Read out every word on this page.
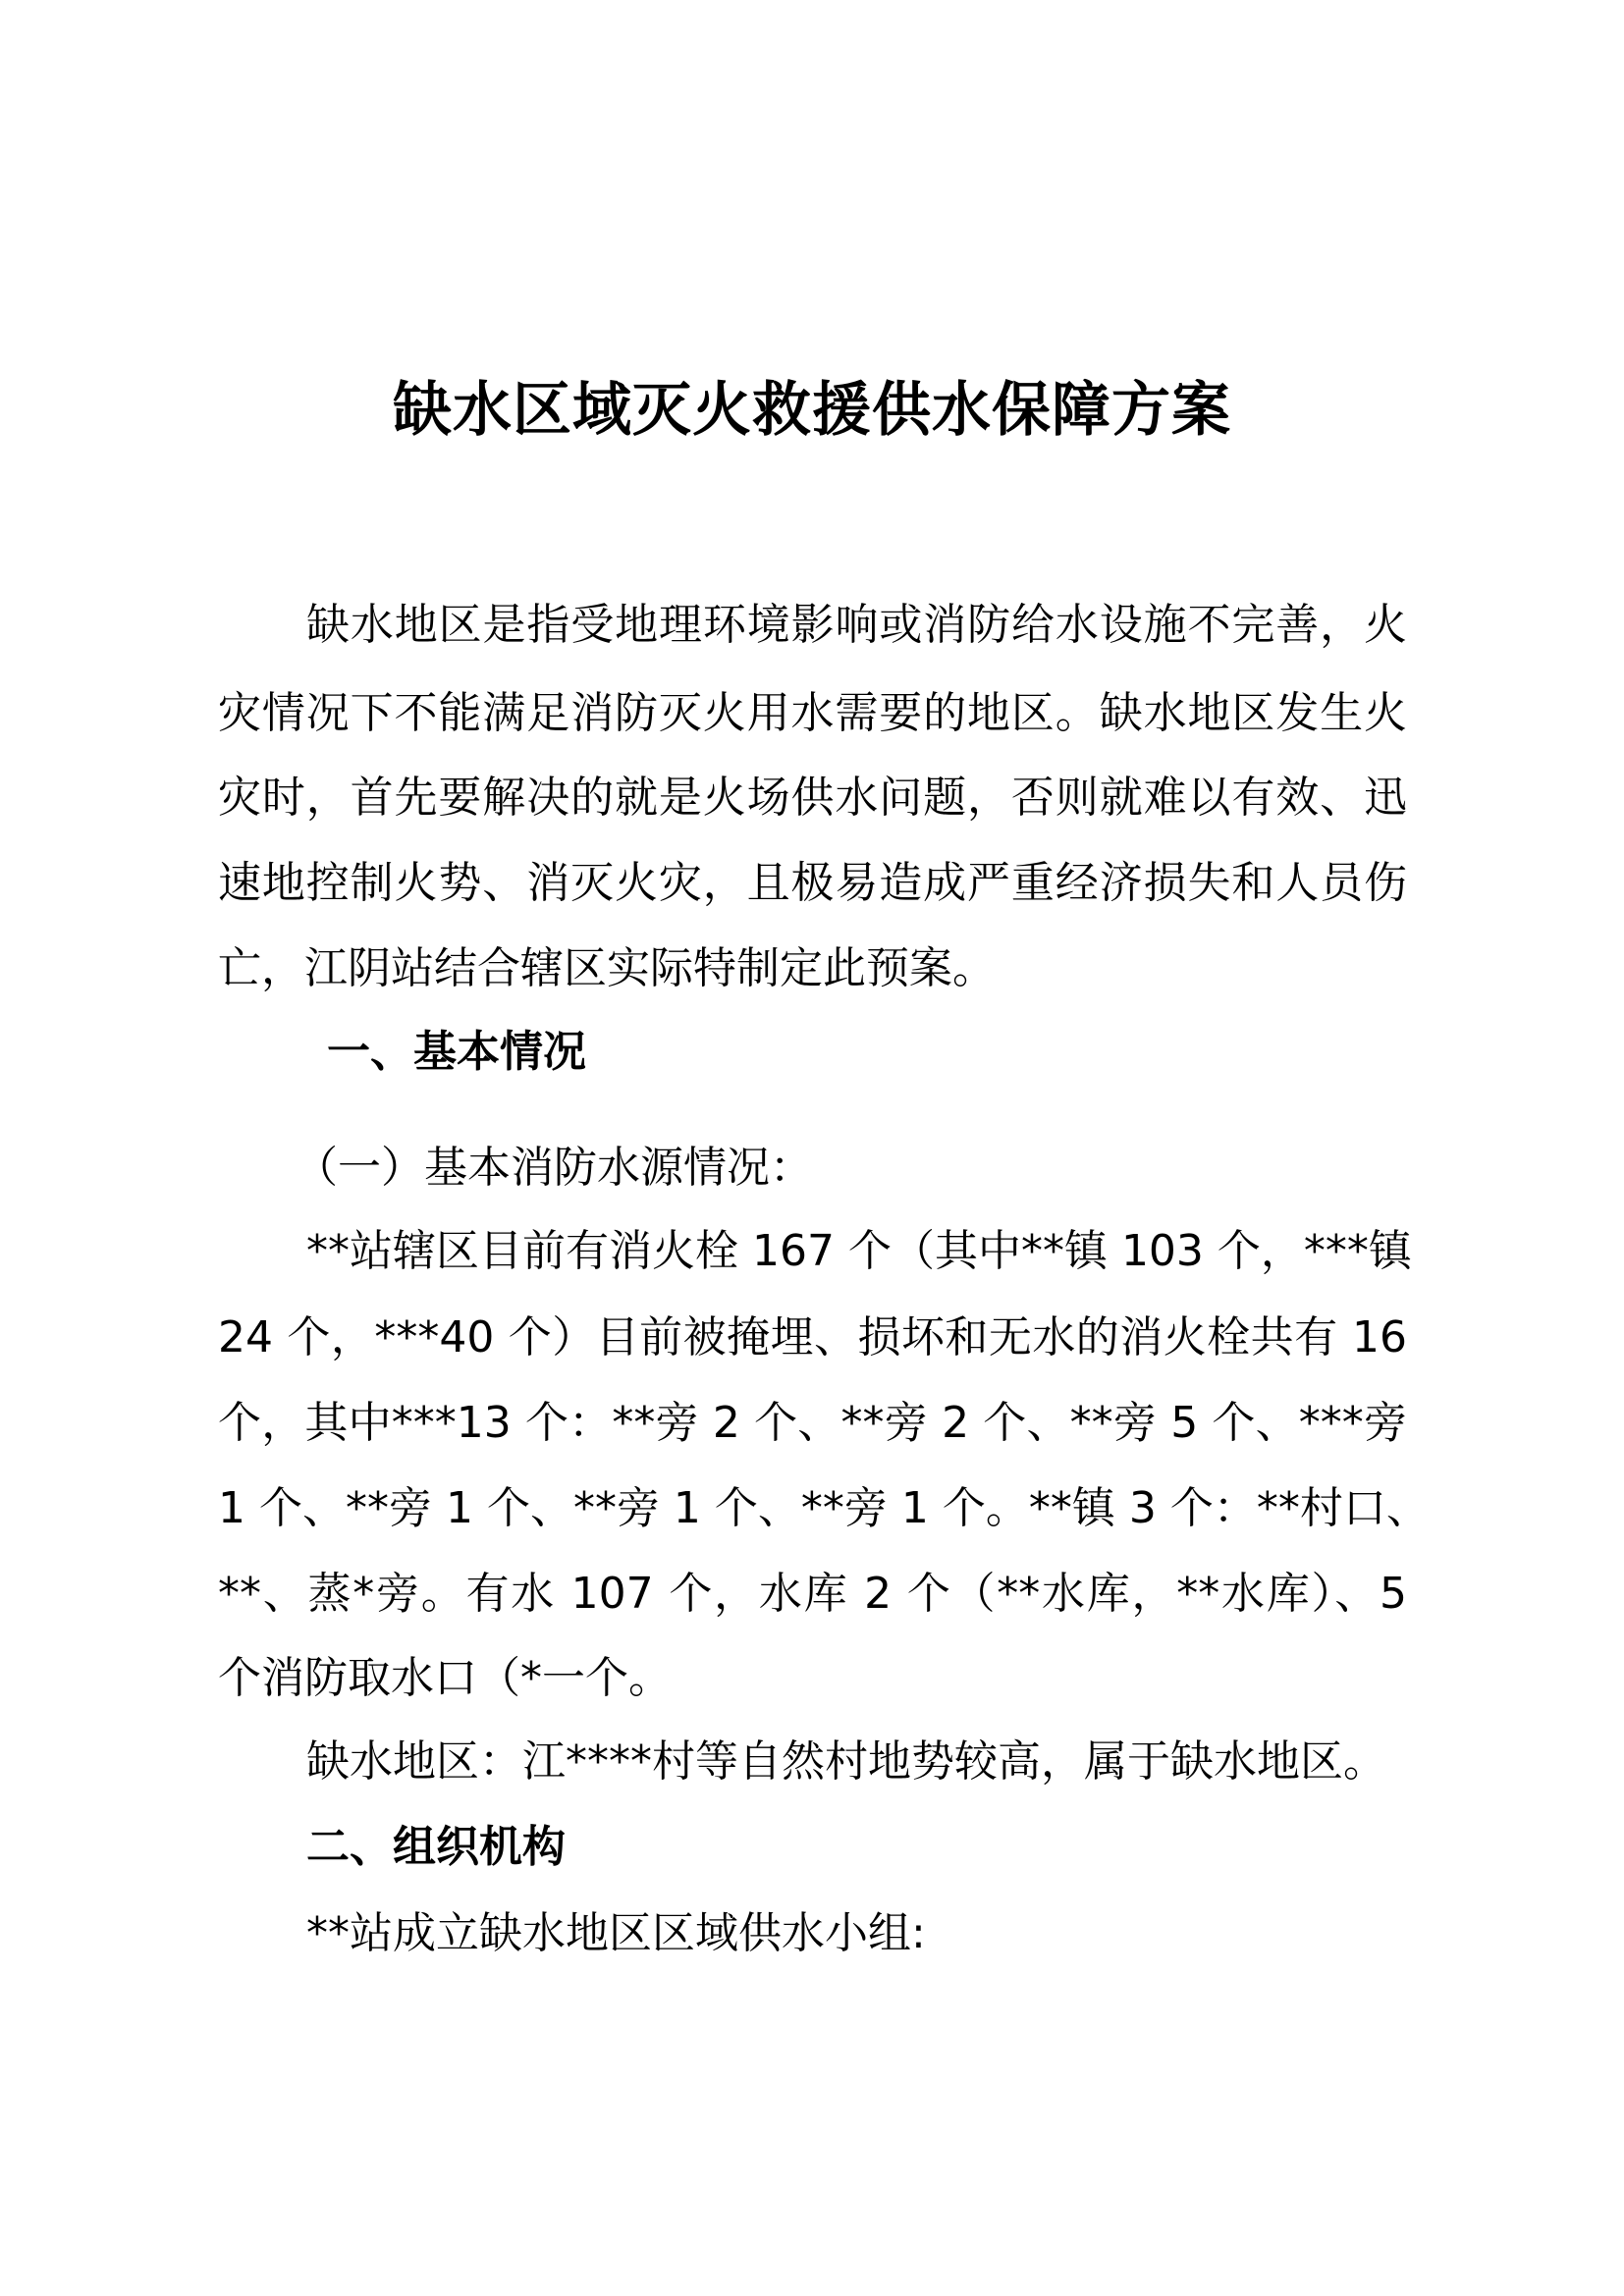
缺水区域灭火救援供水保障方案
缺水地区是指受地理环境影响或消防给水设施不完善，火
灾情况下不能满足消防灭火用水需要的地区。缺水地区发生火
灾时，首先要解决的就是火场供水问题，否则就难以有效、迅
速地控制火势、消灭火灾，且极易造成严重经济损失和人员伤
亡，江阴站结合辖区实际特制定此预案。
一、基本情况
（一）基本消防水源情况：
**站辖区目前有消火栓 167 个（其中**镇 103 个，***镇
24 个，***40 个）目前被掩埋、损坏和无水的消火栓共有 16
个，其中***13 个：**旁 2 个、**旁 2 个、**旁 5 个、***旁
1 个、**旁 1 个、**旁 1 个、**旁 1 个。**镇 3 个：**村口、
**、蒸*旁。有水 107 个，水库 2 个（**水库，**水库）、5
个消防取水口（*一个。
缺水地区：江****村等自然村地势较高，属于缺水地区。
二、组织机构
**站成立缺水地区区域供水小组:
